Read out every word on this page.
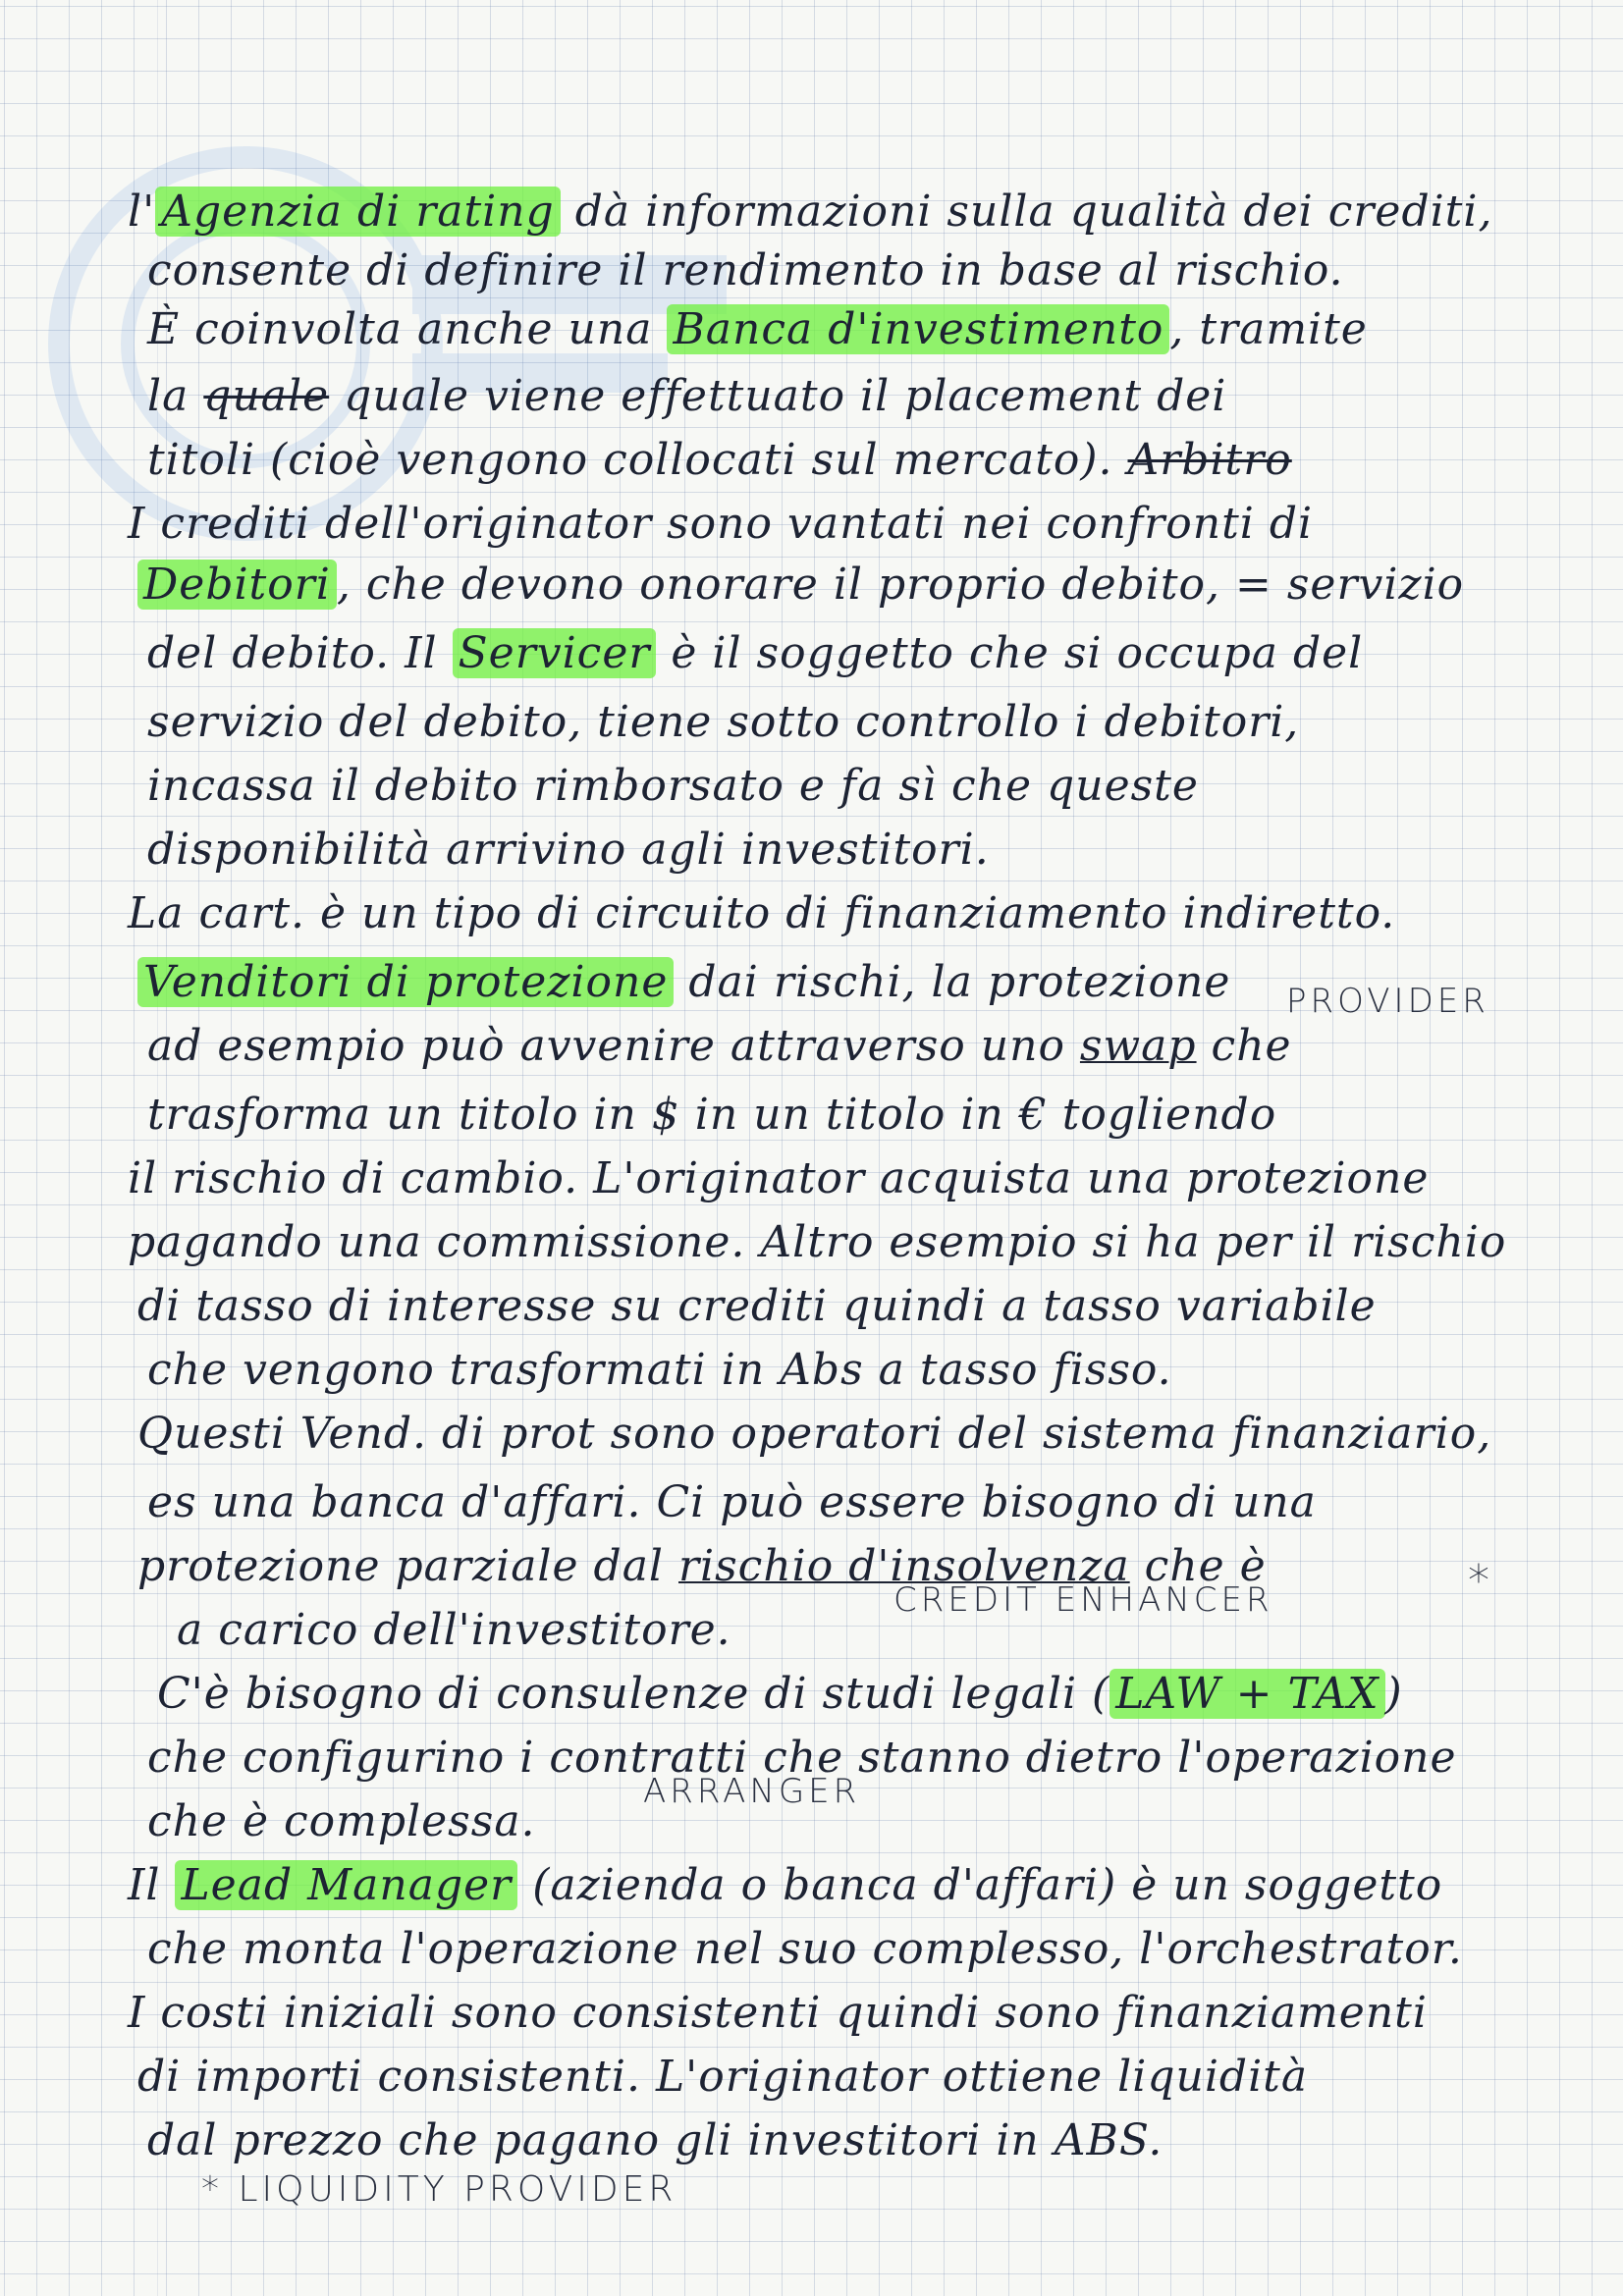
l' Agenzia di rating dà informazioni sulla qualità dei crediti,
consente di definire il rendimento in base al rischio.
È coinvolta anche una Banca d'investimento , tramite
la quale quale viene effettuato il placement dei
titoli (cioè vengono collocati sul mercato). Arbitro
I crediti dell'originator sono vantati nei confronti di
Debitori , che devono onorare il proprio debito, = servizio
del debito. Il Servicer è il soggetto che si occupa del
servizio del debito, tiene sotto controllo i debitori,
incassa il debito rimborsato e fa sì che queste
disponibilità arrivino agli investitori.
La cart. è un tipo di circuito di finanziamento indiretto.
Venditori di protezione dai rischi, la protezione
ad esempio può avvenire attraverso uno swap che
trasforma un titolo in $ in un titolo in € togliendo
il rischio di cambio. L'originator acquista una protezione
pagando una commissione. Altro esempio si ha per il rischio
di tasso di interesse su crediti quindi a tasso variabile
che vengono trasformati in Abs a tasso fisso.
Questi Vend. di prot sono operatori del sistema finanziario,
es una banca d'affari. Ci può essere bisogno di una
protezione parziale dal rischio d'insolvenza che è
a carico dell'investitore.
C'è bisogno di consulenze di studi legali ( LAW + TAX )
che configurino i contratti che stanno dietro l'operazione
che è complessa.
Il Lead Manager (azienda o banca d'affari) è un soggetto
che monta l'operazione nel suo complesso, l'orchestrator.
I costi iniziali sono consistenti quindi sono finanziamenti
di importi consistenti. L'originator ottiene liquidità
dal prezzo che pagano gli investitori in ABS.
PROVIDER
CREDIT ENHANCER	*
ARRANGER
* LIQUIDITY PROVIDER
